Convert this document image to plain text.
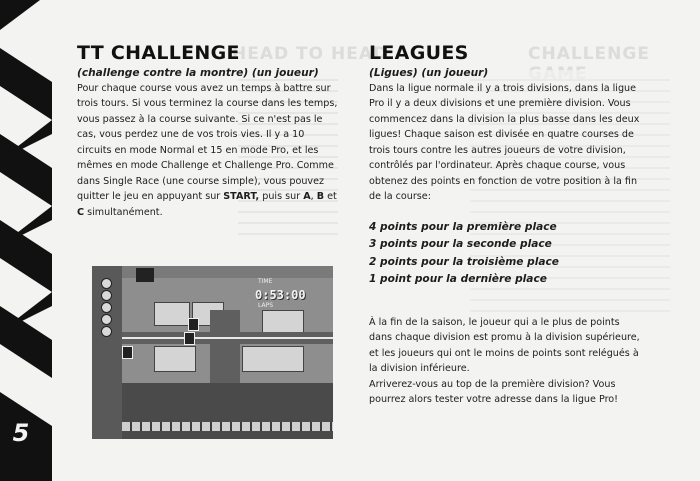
HEAD TO HEAD	CHALLENGE
5
TT CHALLENGE
(challenge contre la montre) (un joueur)

Pour chaque course vous avez un temps à battre sur trois tours. Si vous terminez la course dans les temps, vous passez à la course suivante. Si ce n'est pas le cas, vous perdez une de vos trois vies. Il y a 10 circuits en mode Normal et 15 en mode Pro, et les mêmes en mode Challenge et Challenge Pro. Comme dans Single Race (une course simple), vous pouvez quitter le jeu en appuyant sur START, puis sur A, B et C simultanément.

TIME
0:53:00
LAPS
LEAGUES
(Ligues) (un joueur)

Dans la ligue normale il y a trois divisions, dans la ligue Pro il y a deux divisions et une première division. Vous commencez dans la division la plus basse dans les deux ligues! Chaque saison est divisée en quatre courses de trois tours contre les autres joueurs de votre division, contrôlés par l'ordinateur. Après chaque course, vous obtenez des points en fonction de votre position à la fin de la course:

4 points pour la première place
3 points pour la seconde place
2 points pour la troisième place
1 point pour la dernière place

À la fin de la saison, le joueur qui a le plus de points dans chaque division est promu à la division supérieure, et les joueurs qui ont le moins de points sont relégués à la division inférieure.

Arriverez-vous au top de la première division? Vous pourrez alors tester votre adresse dans la ligue Pro!
